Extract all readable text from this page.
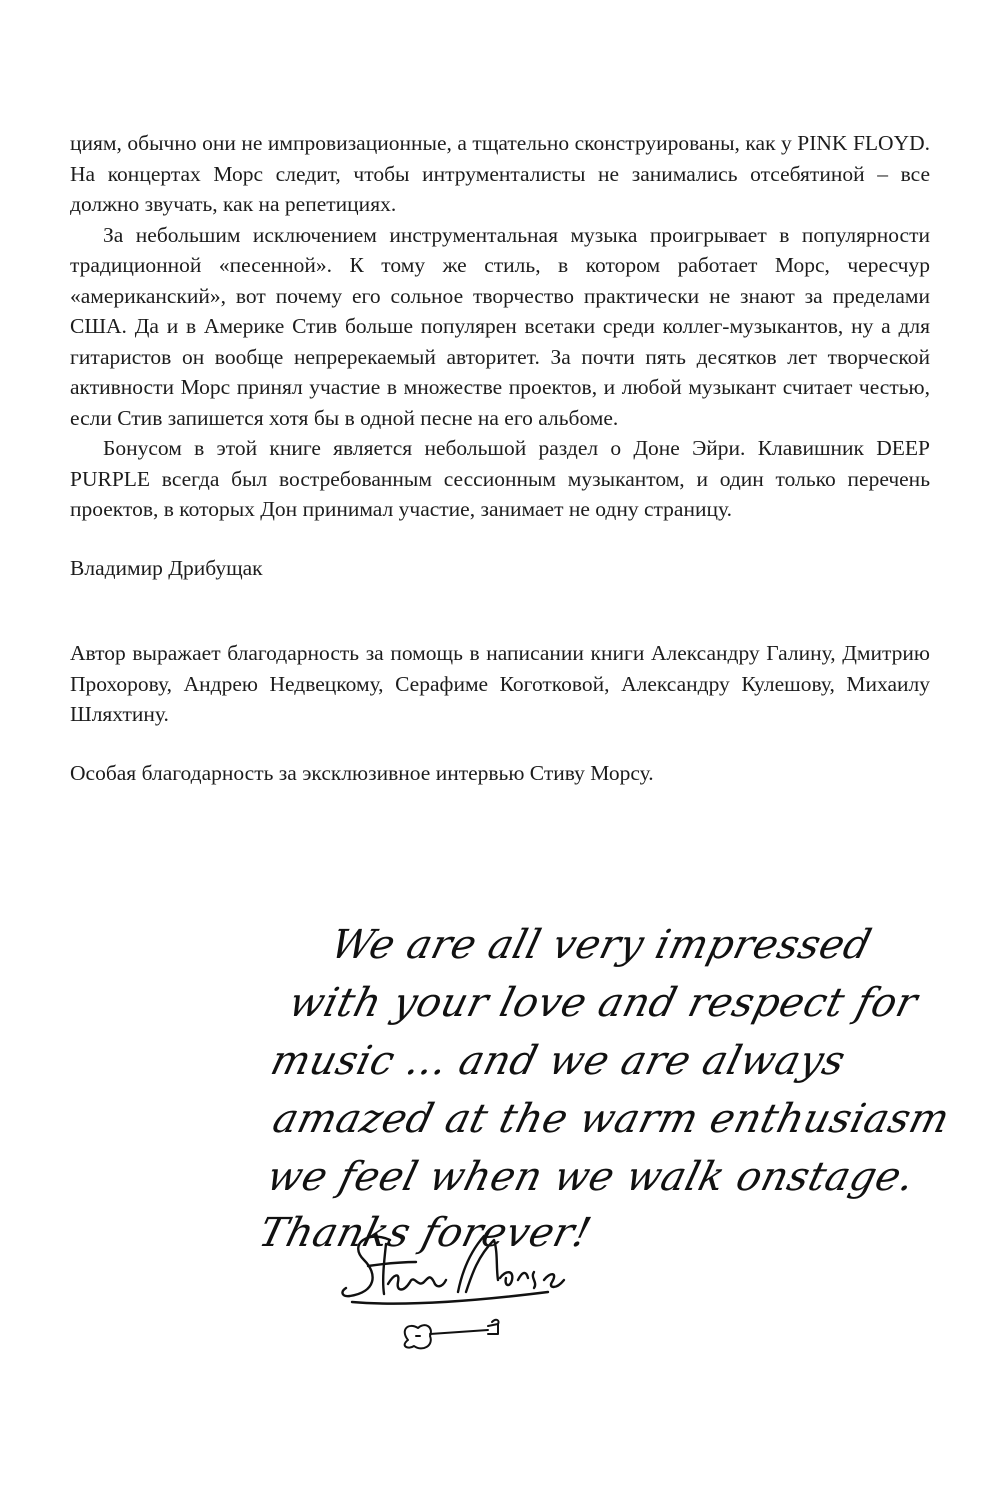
циям, обычно они не импровизационные, а тщательно сконструированы, как у PINK FLOYD. На концертах Морс следит, чтобы интрументалисты не занимались отсебятиной – все должно звучать, как на репетициях.

За небольшим исключением инструментальная музыка проигрывает в популярности традиционной «песенной». К тому же стиль, в котором работает Морс, чересчур «американский», вот почему его сольное творчество практически не знают за пределами США. Да и в Америке Стив больше популярен всетаки среди коллег-музыкантов, ну а для гитаристов он вообще непререкаемый авторитет. За почти пять десятков лет творческой активности Морс принял участие в множестве проектов, и любой музыкант считает честью, если Стив запишется хотя бы в одной песне на его альбоме.

Бонусом в этой книге является небольшой раздел о Доне Эйри. Клавишник DEEP PURPLE всегда был востребованным сессионным музыкантом, и один только перечень проектов, в которых Дон принимал участие, занимает не одну страницу.

Владимир Дрибущак

Автор выражает благодарность за помощь в написании книги Александру Галину, Дмитрию Прохорову, Андрею Недвецкому, Серафиме Коготковой, Александру Кулешову, Михаилу Шляхтину.

Особая благодарность за эксклюзивное интервью Стиву Морсу.

We are all very impressed
with your love and respect for
music ... and we are always
amazed at the warm enthusiasm
we feel when we walk onstage.
Thanks forever!
